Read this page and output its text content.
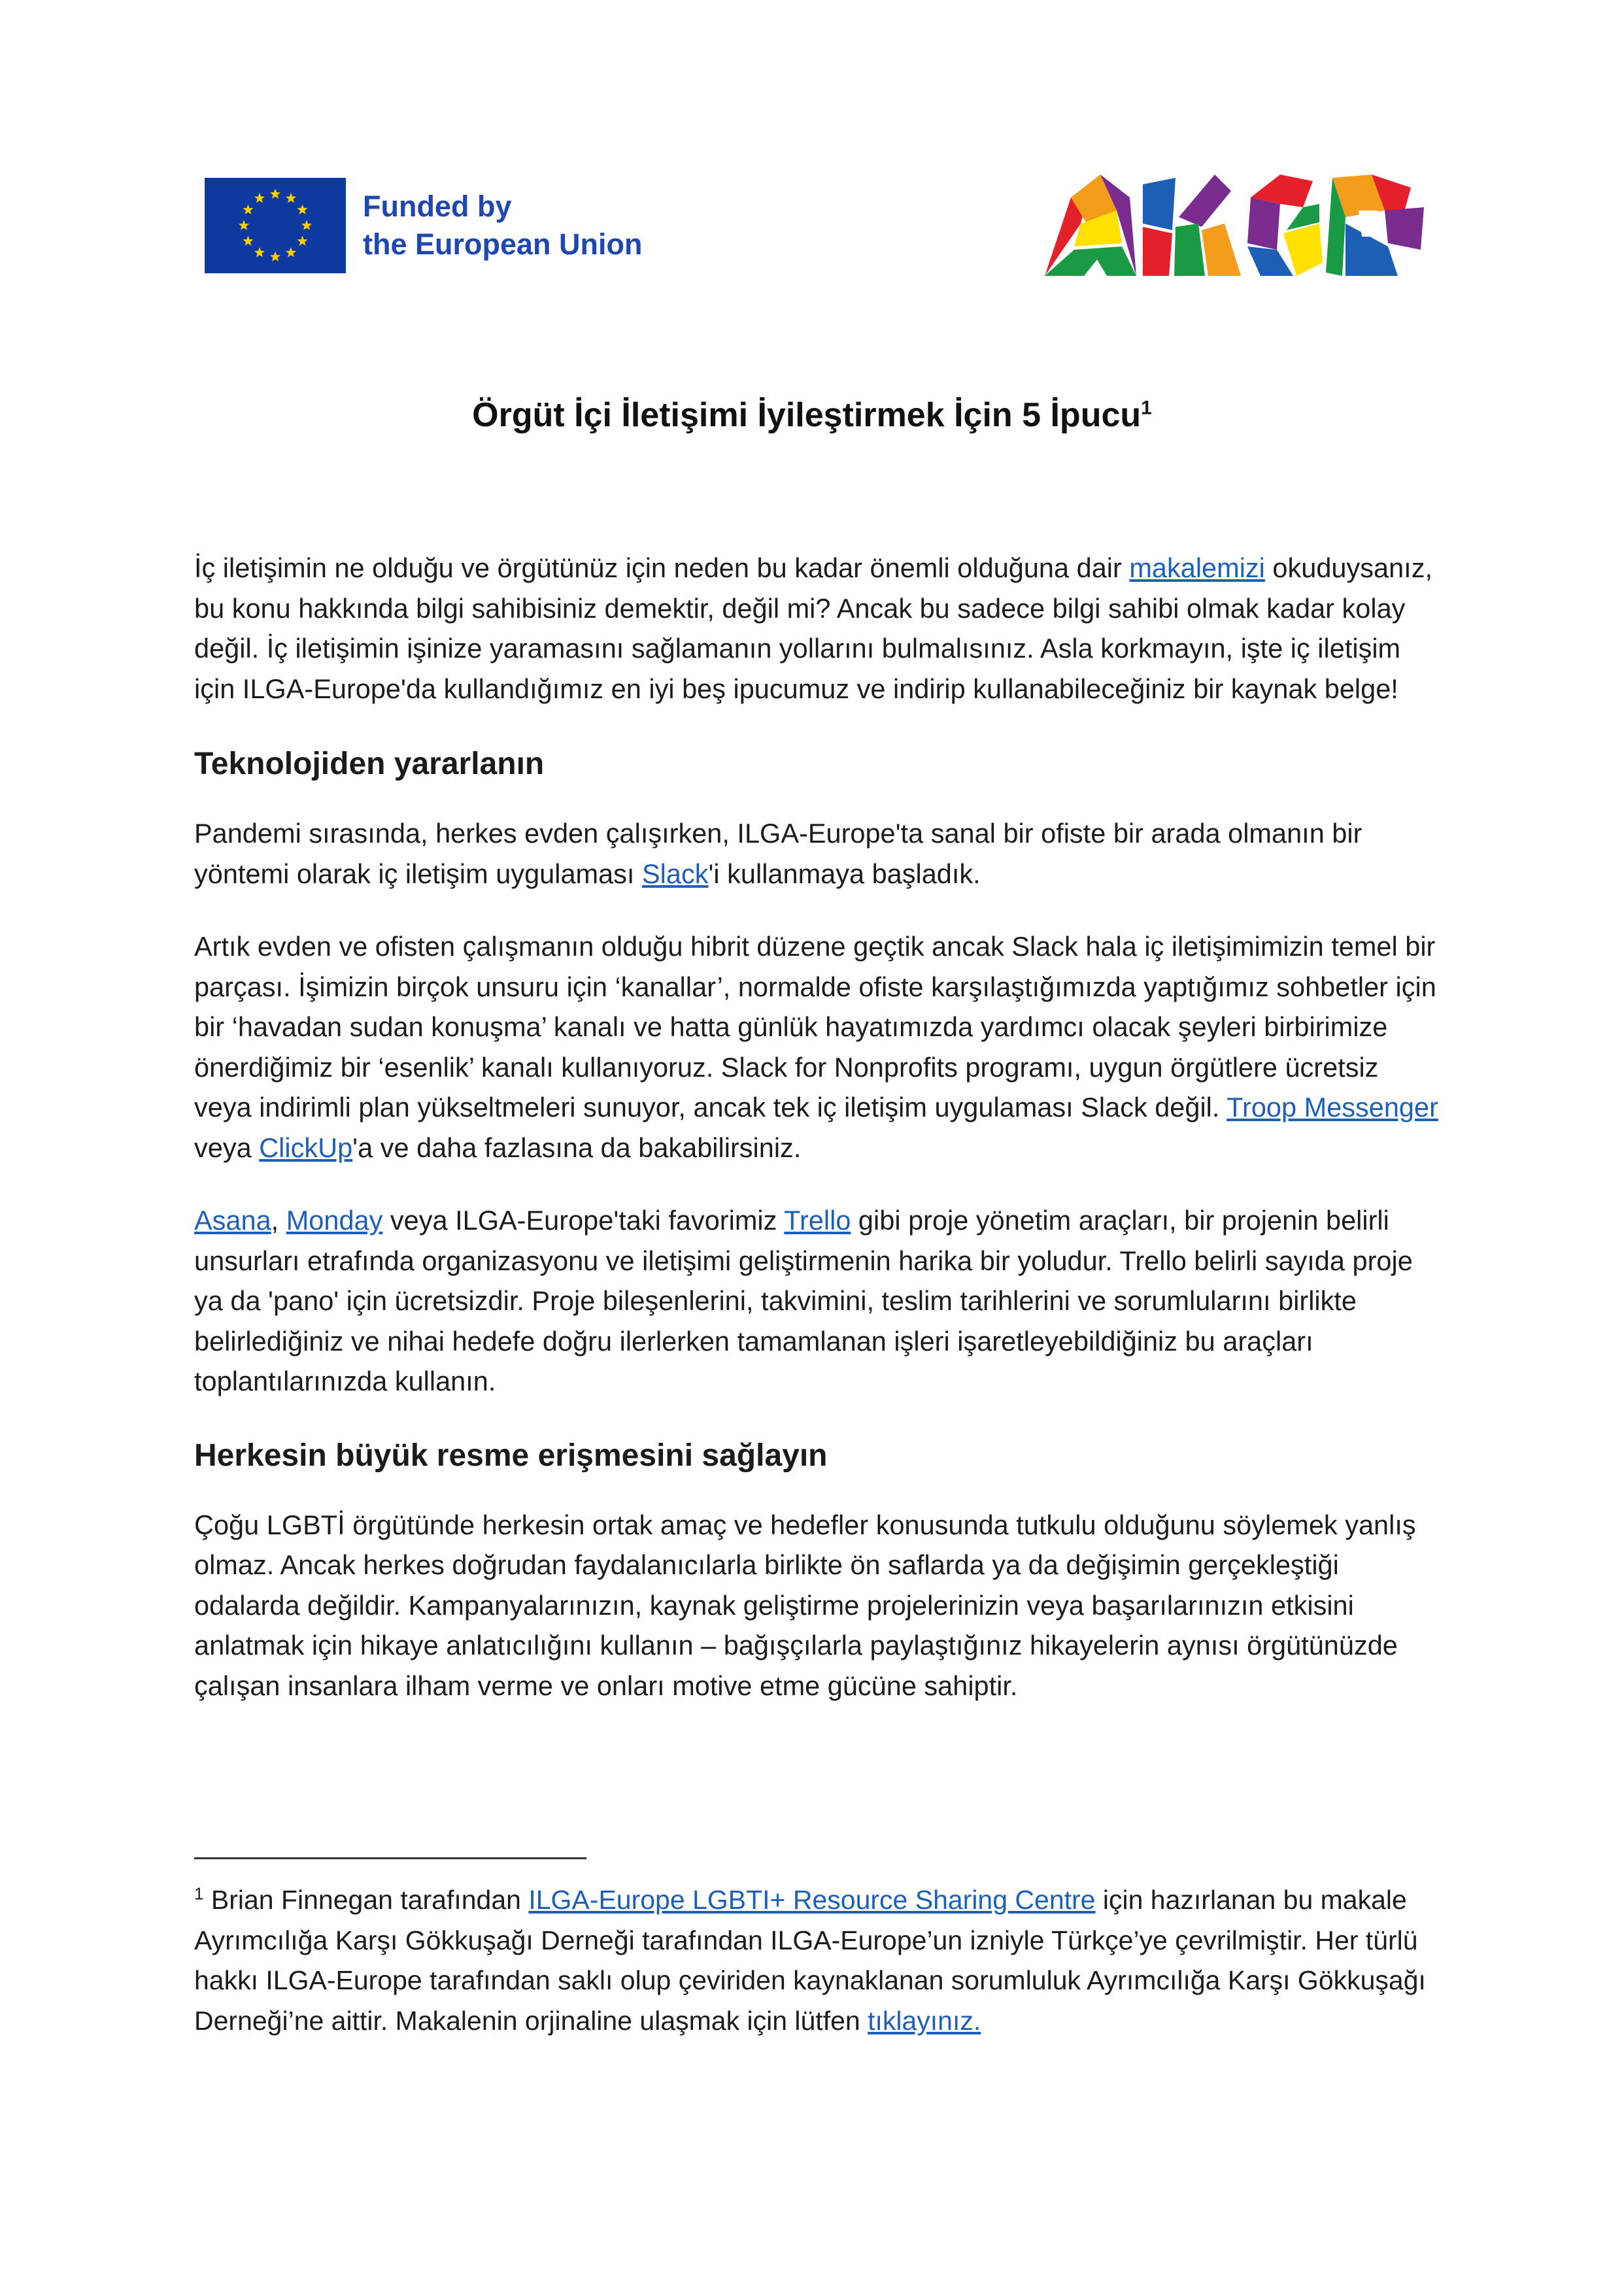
Funded by
the European Union
Örgüt İçi İletişimi İyileştirmek İçin 5 İpucu$^1$

İç iletişimin ne olduğu ve örgütünüz için neden bu kadar önemli olduğuna dair makalemizi okuduysanız, bu konu hakkında bilgi sahibisiniz demektir, değil mi? Ancak bu sadece bilgi sahibi olmak kadar kolay değil. İç iletişimin işinize yaramasını sağlamanın yollarını bulmalısınız. Asla korkmayın, işte iç iletişim için ILGA-Europe'da kullandığımız en iyi beş ipucumuz ve indirip kullanabileceğiniz bir kaynak belge!

Teknolojiden yararlanın

Pandemi sırasında, herkes evden çalışırken, ILGA-Europe'ta sanal bir ofiste bir arada olmanın bir yöntemi olarak iç iletişim uygulaması Slack'i kullanmaya başladık.

Artık evden ve ofisten çalışmanın olduğu hibrit düzene geçtik ancak Slack hala iç iletişimimizin temel bir parçası. İşimizin birçok unsuru için ‘kanallar’, normalde ofiste karşılaştığımızda yaptığımız sohbetler için bir ‘havadan sudan konuşma’ kanalı ve hatta günlük hayatımızda yardımcı olacak şeyleri birbirimize önerdiğimiz bir ‘esenlik’ kanalı kullanıyoruz. Slack for Nonprofits programı, uygun örgütlere ücretsiz veya indirimli plan yükseltmeleri sunuyor, ancak tek iç iletişim uygulaması Slack değil. Troop Messenger veya ClickUp'a ve daha fazlasına da bakabilirsiniz.

Asana, Monday veya ILGA-Europe'taki favorimiz Trello gibi proje yönetim araçları, bir projenin belirli unsurları etrafında organizasyonu ve iletişimi geliştirmenin harika bir yoludur. Trello belirli sayıda proje ya da 'pano' için ücretsizdir. Proje bileşenlerini, takvimini, teslim tarihlerini ve sorumlularını birlikte belirlediğiniz ve nihai hedefe doğru ilerlerken tamamlanan işleri işaretleyebildiğiniz bu araçları toplantılarınızda kullanın.

Herkesin büyük resme erişmesini sağlayın

Çoğu LGBTİ örgütünde herkesin ortak amaç ve hedefler konusunda tutkulu olduğunu söylemek yanlış olmaz. Ancak herkes doğrudan faydalanıcılarla birlikte ön saflarda ya da değişimin gerçekleştiği odalarda değildir. Kampanyalarınızın, kaynak geliştirme projelerinizin veya başarılarınızın etkisini anlatmak için hikaye anlatıcılığını kullanın – bağışçılarla paylaştığınız hikayelerin aynısı örgütünüzde çalışan insanlara ilham verme ve onları motive etme gücüne sahiptir.

$^1$ Brian Finnegan tarafından ILGA-Europe LGBTI+ Resource Sharing Centre için hazırlanan bu makale Ayrımcılığa Karşı Gökkuşağı Derneği tarafından ILGA-Europe’un izniyle Türkçe’ye çevrilmiştir. Her türlü hakkı ILGA-Europe tarafından saklı olup çeviriden kaynaklanan sorumluluk Ayrımcılığa Karşı Gökkuşağı Derneği’ne aittir. Makalenin orjinaline ulaşmak için lütfen tıklayınız.
